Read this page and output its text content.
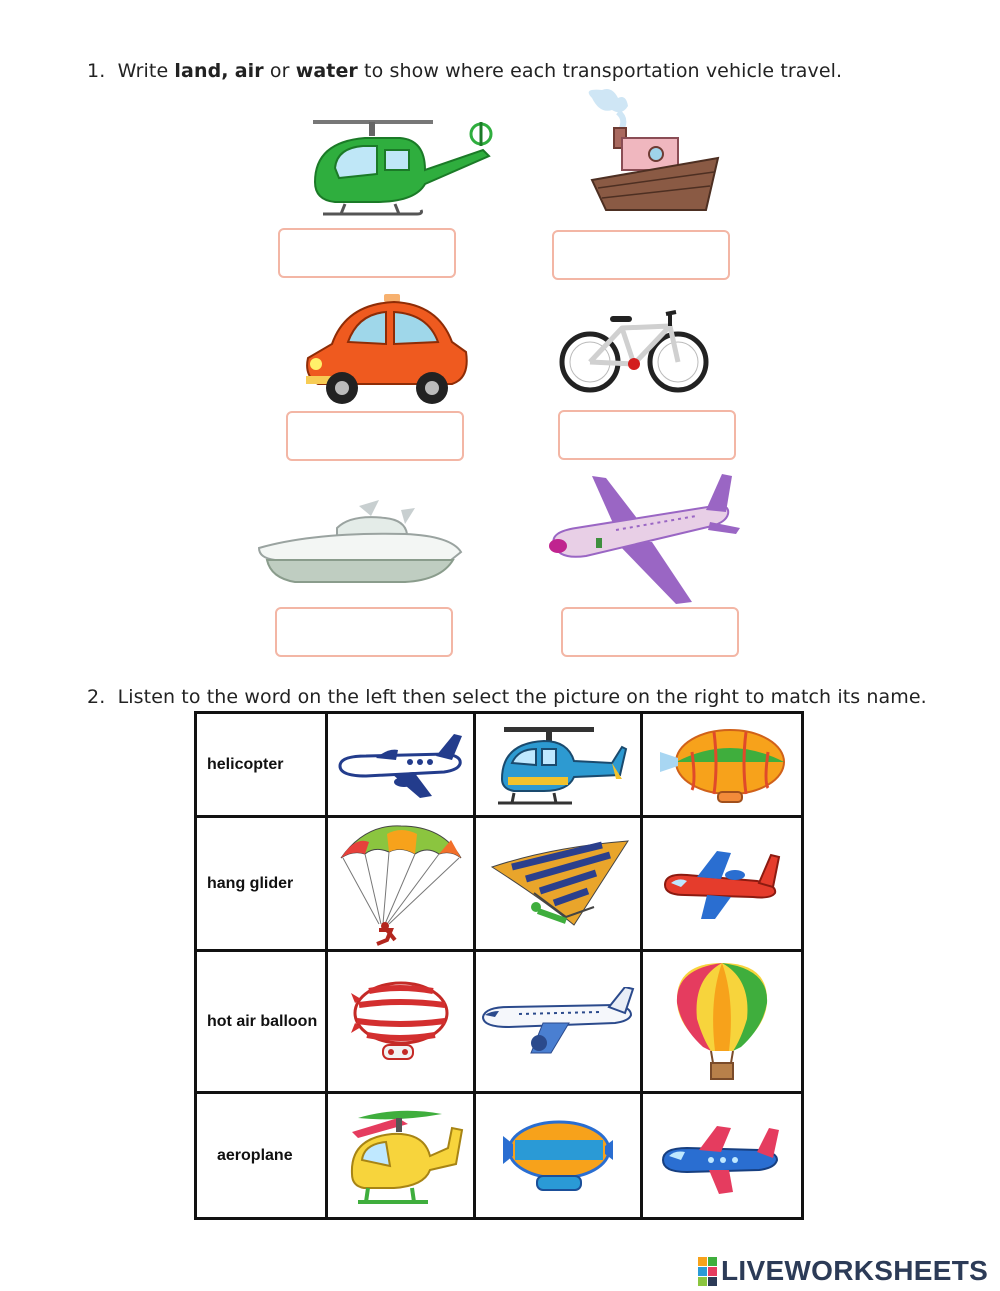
1. Write land, air or water to show where each transportation vehicle travel.
2. Listen to the word on the left then select the picture on the right to match its name.
helicopter

hang glider

hot air balloon

aeroplane

LIVEWORKSHEETS
